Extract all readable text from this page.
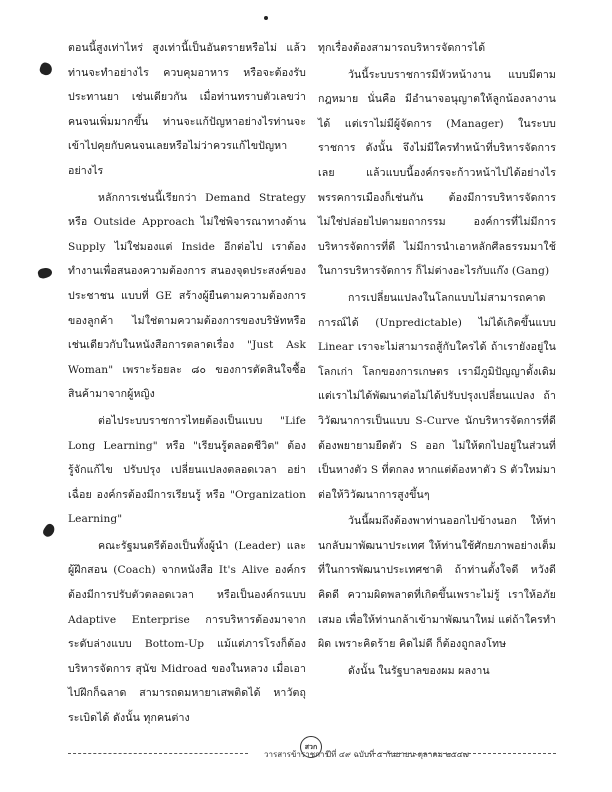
ตอนนี้สูงเท่าไหร่ สูงเท่านี้เป็นอันตรายหรือไม่ แล้วท่านจะทำอย่างไร ควบคุมอาหาร หรือจะต้องรับประทานยา เช่นเดียวกัน เมื่อท่านทราบตัวเลขว่าคนจนเพิ่มมากขึ้น ท่านจะแก้ปัญหาอย่างไรท่านจะเข้าไปคุยกับคนจนเลยหรือไม่ว่าควรแก้ไขปัญหาอย่างไร

หลักการเช่นนี้เรียกว่า Demand Strategy หรือ Outside Approach ไม่ใช่พิจารณาทางด้าน Supply ไม่ใช่มองแต่ Inside อีกต่อไป เราต้องทำงานเพื่อสนองความต้องการ สนองจุดประสงค์ของประชาชน แบบที่ GE สร้างผู้ยืนตามความต้องการของลูกค้า ไม่ใช่ตามความต้องการของบริษัทหรือเช่นเดียวกับในหนังสือการตลาดเรื่อง "Just Ask Woman" เพราะร้อยละ ๘๐ ของการตัดสินใจซื้อสินค้ามาจากผู้หญิง

ต่อไประบบราชการไทยต้องเป็นแบบ "Life Long Learning" หรือ "เรียนรู้ตลอดชีวิต" ต้องรู้จักแก้ไข ปรับปรุง เปลี่ยนแปลงตลอดเวลา อย่าเฉื่อย องค์กรต้องมีการเรียนรู้ หรือ "Organization Learning"

คณะรัฐมนตรีต้องเป็นทั้งผู้นำ (Leader) และผู้ฝึกสอน (Coach) จากหนังสือ It's Alive องค์กรต้องมีการปรับตัวตลอดเวลา หรือเป็นองค์กรแบบ Adaptive Enterprise การบริหารต้องมาจากระดับล่างแบบ Bottom-Up แม้แต่ภารโรงก็ต้องบริหารจัดการ สุนัข Midroad ของในหลวง เมื่อเอาไปฝึกก็ฉลาด สามารถดมหายาเสพติดได้ หาวัตถุระเบิดได้ ดังนั้น ทุกคนต่าง

ทุกเรื่องต้องสามารถบริหารจัดการได้

วันนี้ระบบราชการมีหัวหน้างาน แบบมีตามกฎหมาย นั่นคือ มีอำนาจอนุญาตให้ลูกน้องลางานได้ แต่เราไม่มีผู้จัดการ (Manager) ในระบบราชการ ดังนั้น จึงไม่มีใครทำหน้าที่บริหารจัดการเลย แล้วแบบนี้องค์กรจะก้าวหน้าไปได้อย่างไรพรรคการเมืองก็เช่นกัน ต้องมีการบริหารจัดการ ไม่ใช่ปล่อยไปตามยถากรรม องค์การที่ไม่มีการบริหารจัดการที่ดี ไม่มีการนำเอาหลักศีลธรรมมาใช้ในการบริหารจัดการ ก็ไม่ต่างอะไรกับแก๊ง (Gang)

การเปลี่ยนแปลงในโลกแบบไม่สามารถคาดการณ์ได้ (Unpredictable) ไม่ได้เกิดขึ้นแบบ Linear เราจะไม่สามารถสู้กับใครได้ ถ้าเรายังอยู่ในโลกเก่า โลกของการเกษตร เรามีภูมิปัญญาดั้งเดิม แต่เราไม่ได้พัฒนาต่อไม่ได้ปรับปรุงเปลี่ยนแปลง ถ้าวิวัฒนาการเป็นแบบ S-Curve นักบริหารจัดการที่ดีต้องพยายามยืดตัว S ออก ไม่ให้ตกไปอยู่ในส่วนที่เป็นหางตัว S ที่ตกลง หากแต่ต้องหาตัว S ตัวใหม่มาต่อให้วิวัฒนาการสูงขึ้นๆ

วันนี้ผมถึงต้องพาท่านออกไปข้างนอก ให้ท่านกลับมาพัฒนาประเทศ ให้ท่านใช้ศักยภาพอย่างเต็มที่ในการพัฒนาประเทศชาติ ถ้าท่านตั้งใจดี หวังดี คิดดี ความผิดพลาดที่เกิดขึ้นเพราะไม่รู้ เราให้อภัยเสมอ เพื่อให้ท่านกล้าเข้ามาพัฒนาใหม่ แต่ถ้าใครทำผิด เพราะคิดร้าย คิดไม่ดี ก็ต้องถูกลงโทษ

ดังนั้น ในรัฐบาลของผม ผลงาน

วารสารข้าราชการ
สวก
ปีที่ ๔๙ ฉบับที่ ๕ กันยายน-ตุลาคม ๒๕๔๗
